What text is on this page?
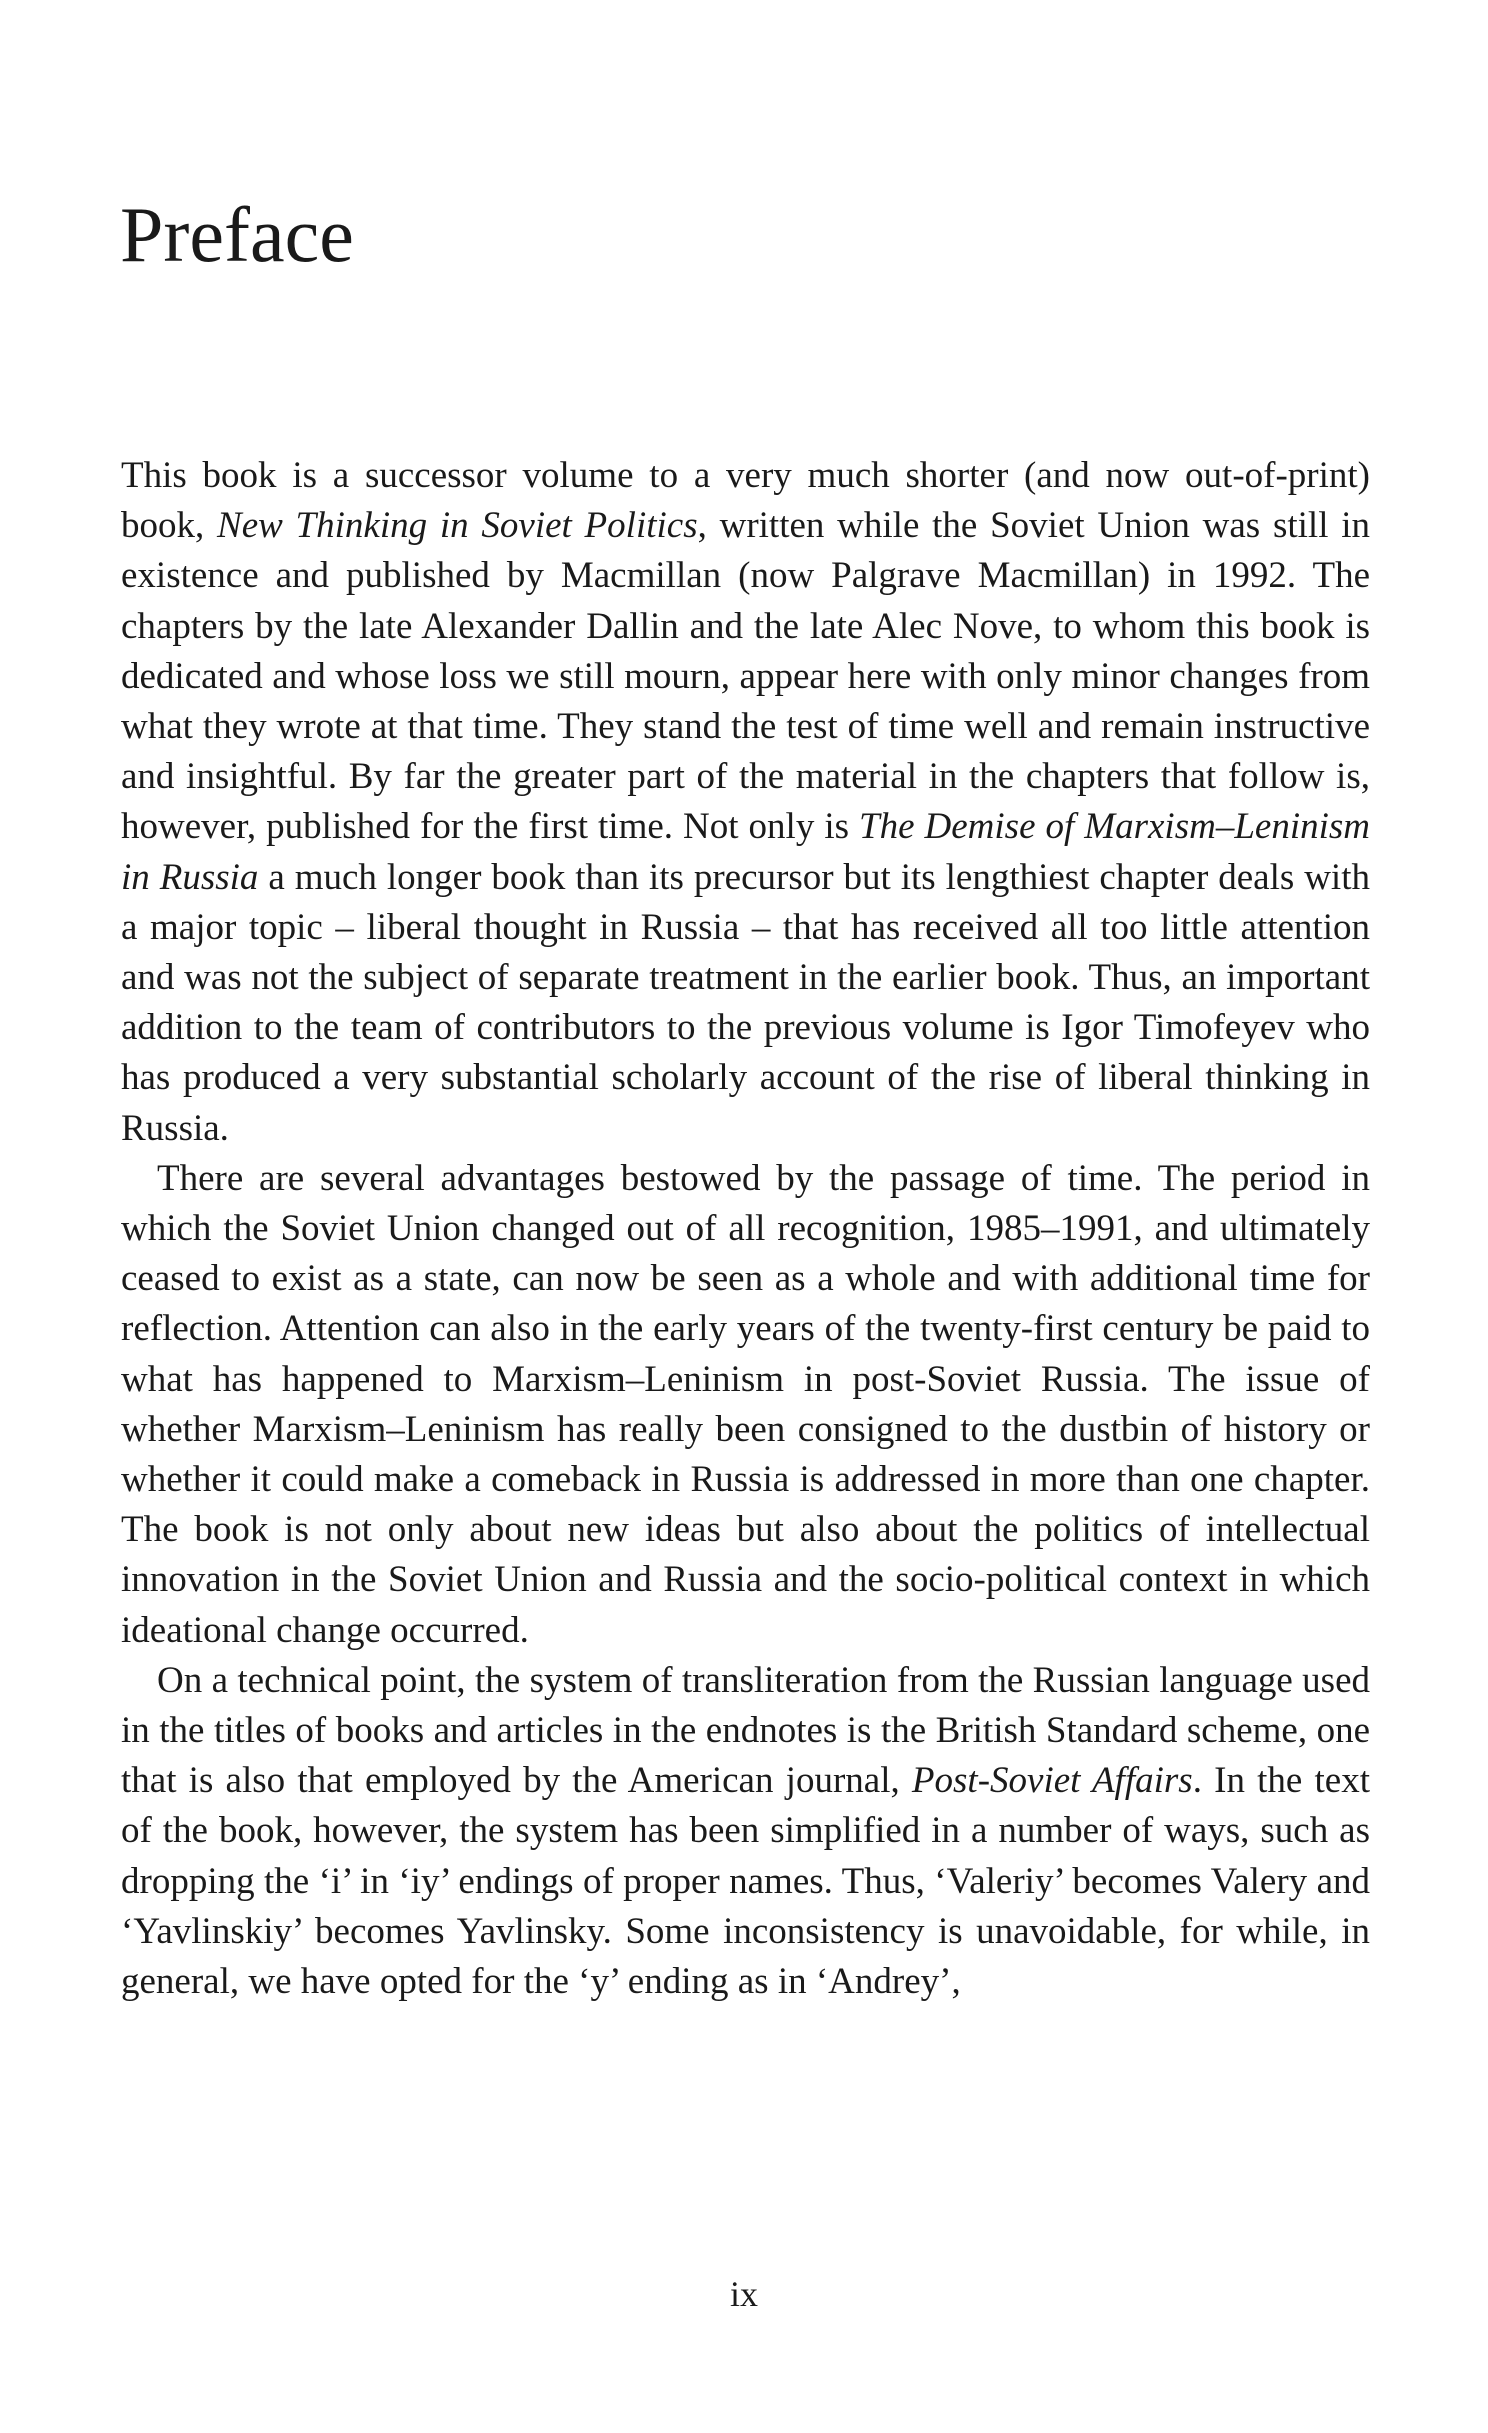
Preface

This book is a successor volume to a very much shorter (and now out-of-print) book, New Thinking in Soviet Politics, written while the Soviet Union was still in existence and published by Macmillan (now Palgrave Macmillan) in 1992. The chapters by the late Alexander Dallin and the late Alec Nove, to whom this book is dedicated and whose loss we still mourn, appear here with only minor changes from what they wrote at that time. They stand the test of time well and remain instructive and insightful. By far the greater part of the material in the chapters that follow is, however, published for the first time. Not only is The Demise of Marxism–Leninism in Russia a much longer book than its precursor but its lengthiest chapter deals with a major topic – liberal thought in Russia – that has received all too little attention and was not the subject of separate treatment in the earlier book. Thus, an important addition to the team of contributors to the previous volume is Igor Timofeyev who has produced a very substantial scholarly account of the rise of liberal thinking in Russia.

There are several advantages bestowed by the passage of time. The period in which the Soviet Union changed out of all recognition, 1985–1991, and ultimately ceased to exist as a state, can now be seen as a whole and with additional time for reflection. Attention can also in the early years of the twenty-first century be paid to what has happened to Marxism–Leninism in post-Soviet Russia. The issue of whether Marxism–Leninism has really been consigned to the dustbin of history or whether it could make a comeback in Russia is addressed in more than one chapter. The book is not only about new ideas but also about the politics of intellectual innovation in the Soviet Union and Russia and the socio-political context in which ideational change occurred.

On a technical point, the system of transliteration from the Russian language used in the titles of books and articles in the endnotes is the British Standard scheme, one that is also that employed by the American journal, Post-Soviet Affairs. In the text of the book, however, the system has been simplified in a number of ways, such as dropping the ‘i’ in ‘iy’ endings of proper names. Thus, ‘Valeriy’ becomes Valery and ‘Yavlinskiy’ becomes Yavlinsky. Some inconsistency is unavoidable, for while, in general, we have opted for the ‘y’ ending as in ‘Andrey’,

ix
